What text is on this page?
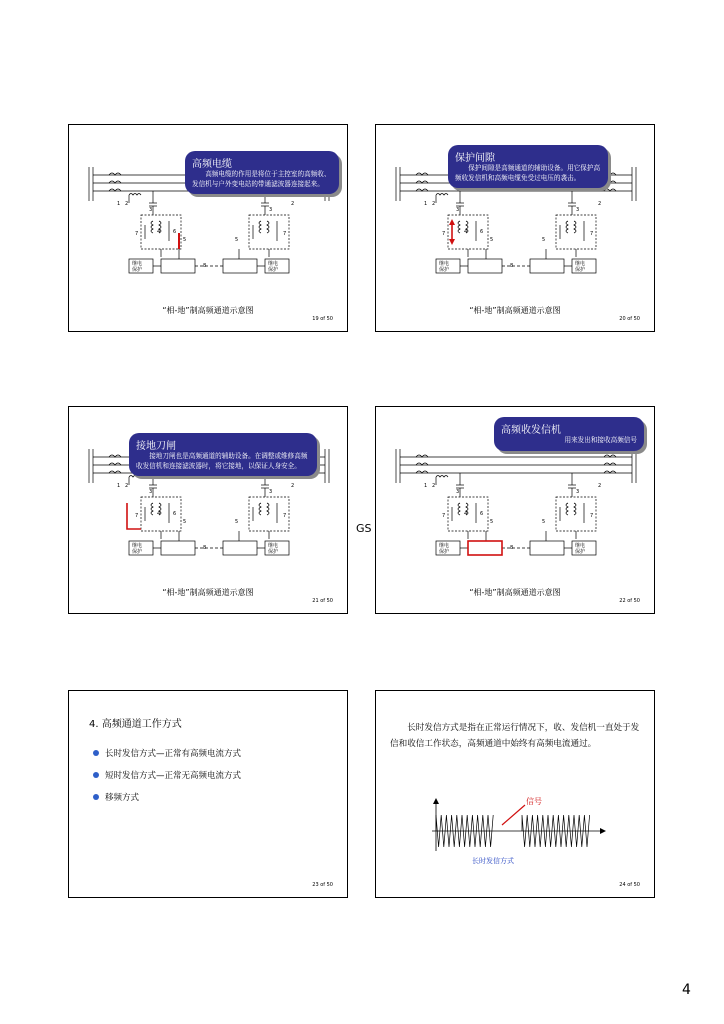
继电
保护
继电
保护
2
3
7	4	6
5
8
5
7
3
2
1
高频电缆
高频电缆的作用是将位于主控室的高频收、发信机与户外变电站的带通滤波器连接起来。
“相-地”制高频通道示意图
19 of 50
继电
保护
继电
保护
2
3
7	4	6
5
8
5
7
3
2
1
保护间隙
保护间隙是高频通道的辅助设备。用它保护高频收发信机和高频电缆免受过电压的袭击。
“相-地”制高频通道示意图
20 of 50
继电
保护
继电
保护
2
3
7	4	6
5
8
5
7
3
2
1
接地刀闸
接地刀闸也是高频通道的辅助设备。在调整或维修高频收发信机和连接滤波器时，将它接地，以保证人身安全。
“相-地”制高频通道示意图
21 of 50
继电
保护
继电
保护
2
3
7	4	6
5
8
5
7
3
2
1
高频收发信机
用来发出和接收高频信号
“相-地”制高频通道示意图
22 of 50
GS
4. 高频通道工作方式
长时发信方式—正常有高频电流方式
短时发信方式—正常无高频电流方式
移频方式
23 of 50
长时发信方式是指在正常运行情况下，收、发信机一直处于发信和收信工作状态，高频通道中始终有高频电流通过。
信号
长时发信方式
24 of 50
4
